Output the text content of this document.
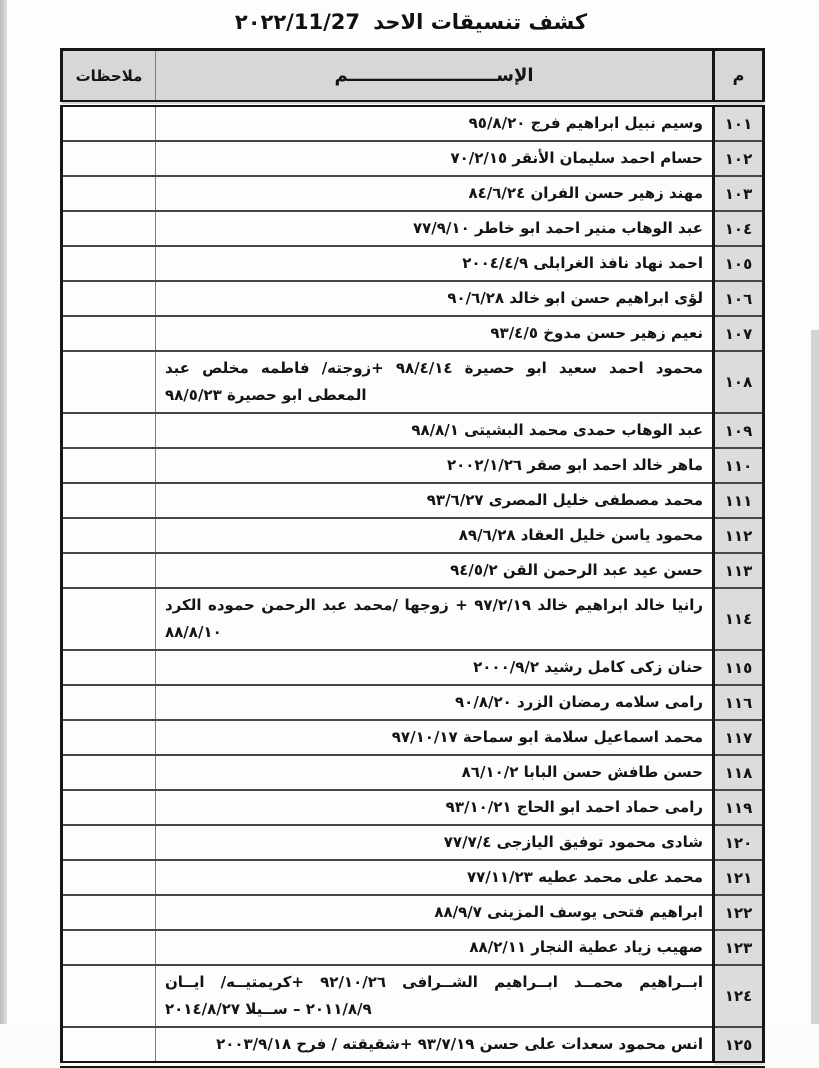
كشف تنسيقات الاحد ٢٠٢٢/11/27
م	الإســــــــــــــــــــــــم	ملاحظات
١٠١	وسيم نبيل ابراهيم فرج ٩٥/٨/٢٠	
١٠٢	حسام احمد سليمان الأنقر ٧٠/٢/١٥	
١٠٣	مهند زهير حسن الفران ٨٤/٦/٢٤	
١٠٤	عبد الوهاب منير احمد ابو خاطر ٧٧/٩/١٠	
١٠٥	احمد نهاد نافذ الغرابلى ٢٠٠٤/٤/٩	
١٠٦	لؤى ابراهيم حسن ابو خالد ٩٠/٦/٢٨	
١٠٧	نعيم زهير حسن مدوخ ٩٣/٤/٥	
١٠٨	محمود احمد سعيد ابو حصيرة ٩٨/٤/١٤ +زوجته/ فاطمه مخلص عبد المعطى ابو حصيرة ٩٨/٥/٢٣	
١٠٩	عبد الوهاب حمدى محمد البشيتى ٩٨/٨/١	
١١٠	ماهر خالد احمد ابو صقر ٢٠٠٢/١/٢٦	
١١١	محمد مصطفى خليل المصرى ٩٣/٦/٢٧	
١١٢	محمود ياسن خليل العقاد ٨٩/٦/٢٨	
١١٣	حسن عيد عبد الرحمن القن ٩٤/٥/٢	
١١٤	رانيا خالد ابراهيم خالد ٩٧/٢/١٩ + زوجها /محمد عبد الرحمن حموده الكرد ٨٨/٨/١٠	
١١٥	حنان زكى كامل رشيد ٢٠٠٠/٩/٢	
١١٦	رامى سلامه رمضان الزرد ٩٠/٨/٢٠	
١١٧	محمد اسماعيل سلامة ابو سماحة ٩٧/١٠/١٧	
١١٨	حسن طافش حسن البابا ٨٦/١٠/٢	
١١٩	رامى حماد احمد ابو الحاج ٩٣/١٠/٢١	
١٢٠	شادى محمود توفيق اليازجى ٧٧/٧/٤	
١٢١	محمد على محمد عطيه ٧٧/١١/٢٣	
١٢٢	ابراهيم فتحى يوسف المزينى ٨٨/٩/٧	
١٢٣	صهيب زياد عطية النجار ٨٨/٢/١١	
١٢٤	ابــراهيم محمــد ابــراهيم الشــرافى ٩٢/١٠/٢٦ +كريمتيــه/ ايــان ٢٠١١/٨/٩ – ســيلا ٢٠١٤/٨/٢٧	
١٢٥	انس محمود سعدات على حسن ٩٣/٧/١٩ +شقيقته / فرح ٢٠٠٣/٩/١٨	
